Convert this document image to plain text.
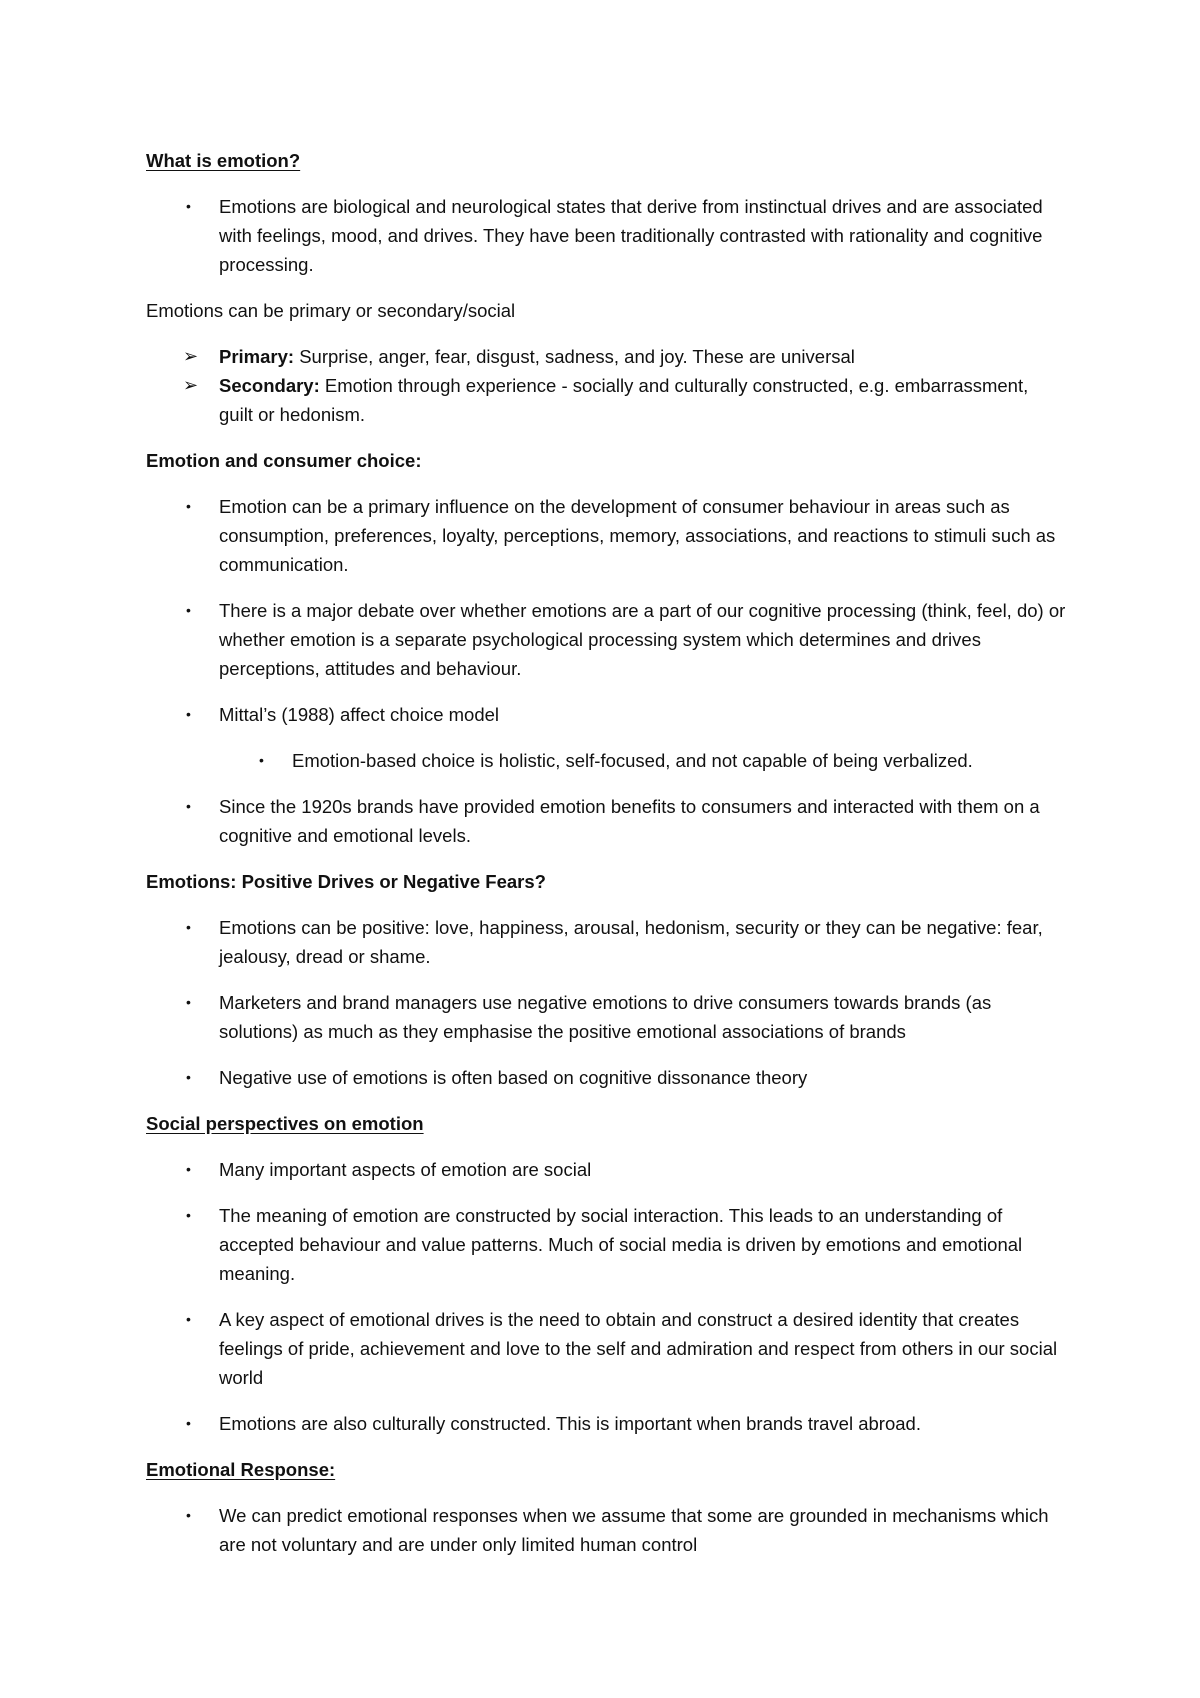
What is emotion?
• Emotions are biological and neurological states that derive from instinctual drives and are associated with feelings, mood, and drives. They have been traditionally contrasted with rationality and cognitive processing.
Emotions can be primary or secondary/social
➢ Primary: Surprise, anger, fear, disgust, sadness, and joy. These are universal
➢ Secondary: Emotion through experience - socially and culturally constructed, e.g. embarrassment, guilt or hedonism.
Emotion and consumer choice:
• Emotion can be a primary influence on the development of consumer behaviour in areas such as consumption, preferences, loyalty, perceptions, memory, associations, and reactions to stimuli such as communication.
• There is a major debate over whether emotions are a part of our cognitive processing (think, feel, do) or whether emotion is a separate psychological processing system which determines and drives perceptions, attitudes and behaviour.
• Mittal’s (1988) affect choice model
• Emotion-based choice is holistic, self-focused, and not capable of being verbalized.
• Since the 1920s brands have provided emotion benefits to consumers and interacted with them on a cognitive and emotional levels.
Emotions: Positive Drives or Negative Fears?
• Emotions can be positive: love, happiness, arousal, hedonism, security or they can be negative: fear, jealousy, dread or shame.
• Marketers and brand managers use negative emotions to drive consumers towards brands (as solutions) as much as they emphasise the positive emotional associations of brands
• Negative use of emotions is often based on cognitive dissonance theory
Social perspectives on emotion
• Many important aspects of emotion are social
• The meaning of emotion are constructed by social interaction. This leads to an understanding of accepted behaviour and value patterns. Much of social media is driven by emotions and emotional meaning.
• A key aspect of emotional drives is the need to obtain and construct a desired identity that creates feelings of pride, achievement and love to the self and admiration and respect from others in our social world
• Emotions are also culturally constructed. This is important when brands travel abroad.
Emotional Response:
• We can predict emotional responses when we assume that some are grounded in mechanisms which are not voluntary and are under only limited human control
